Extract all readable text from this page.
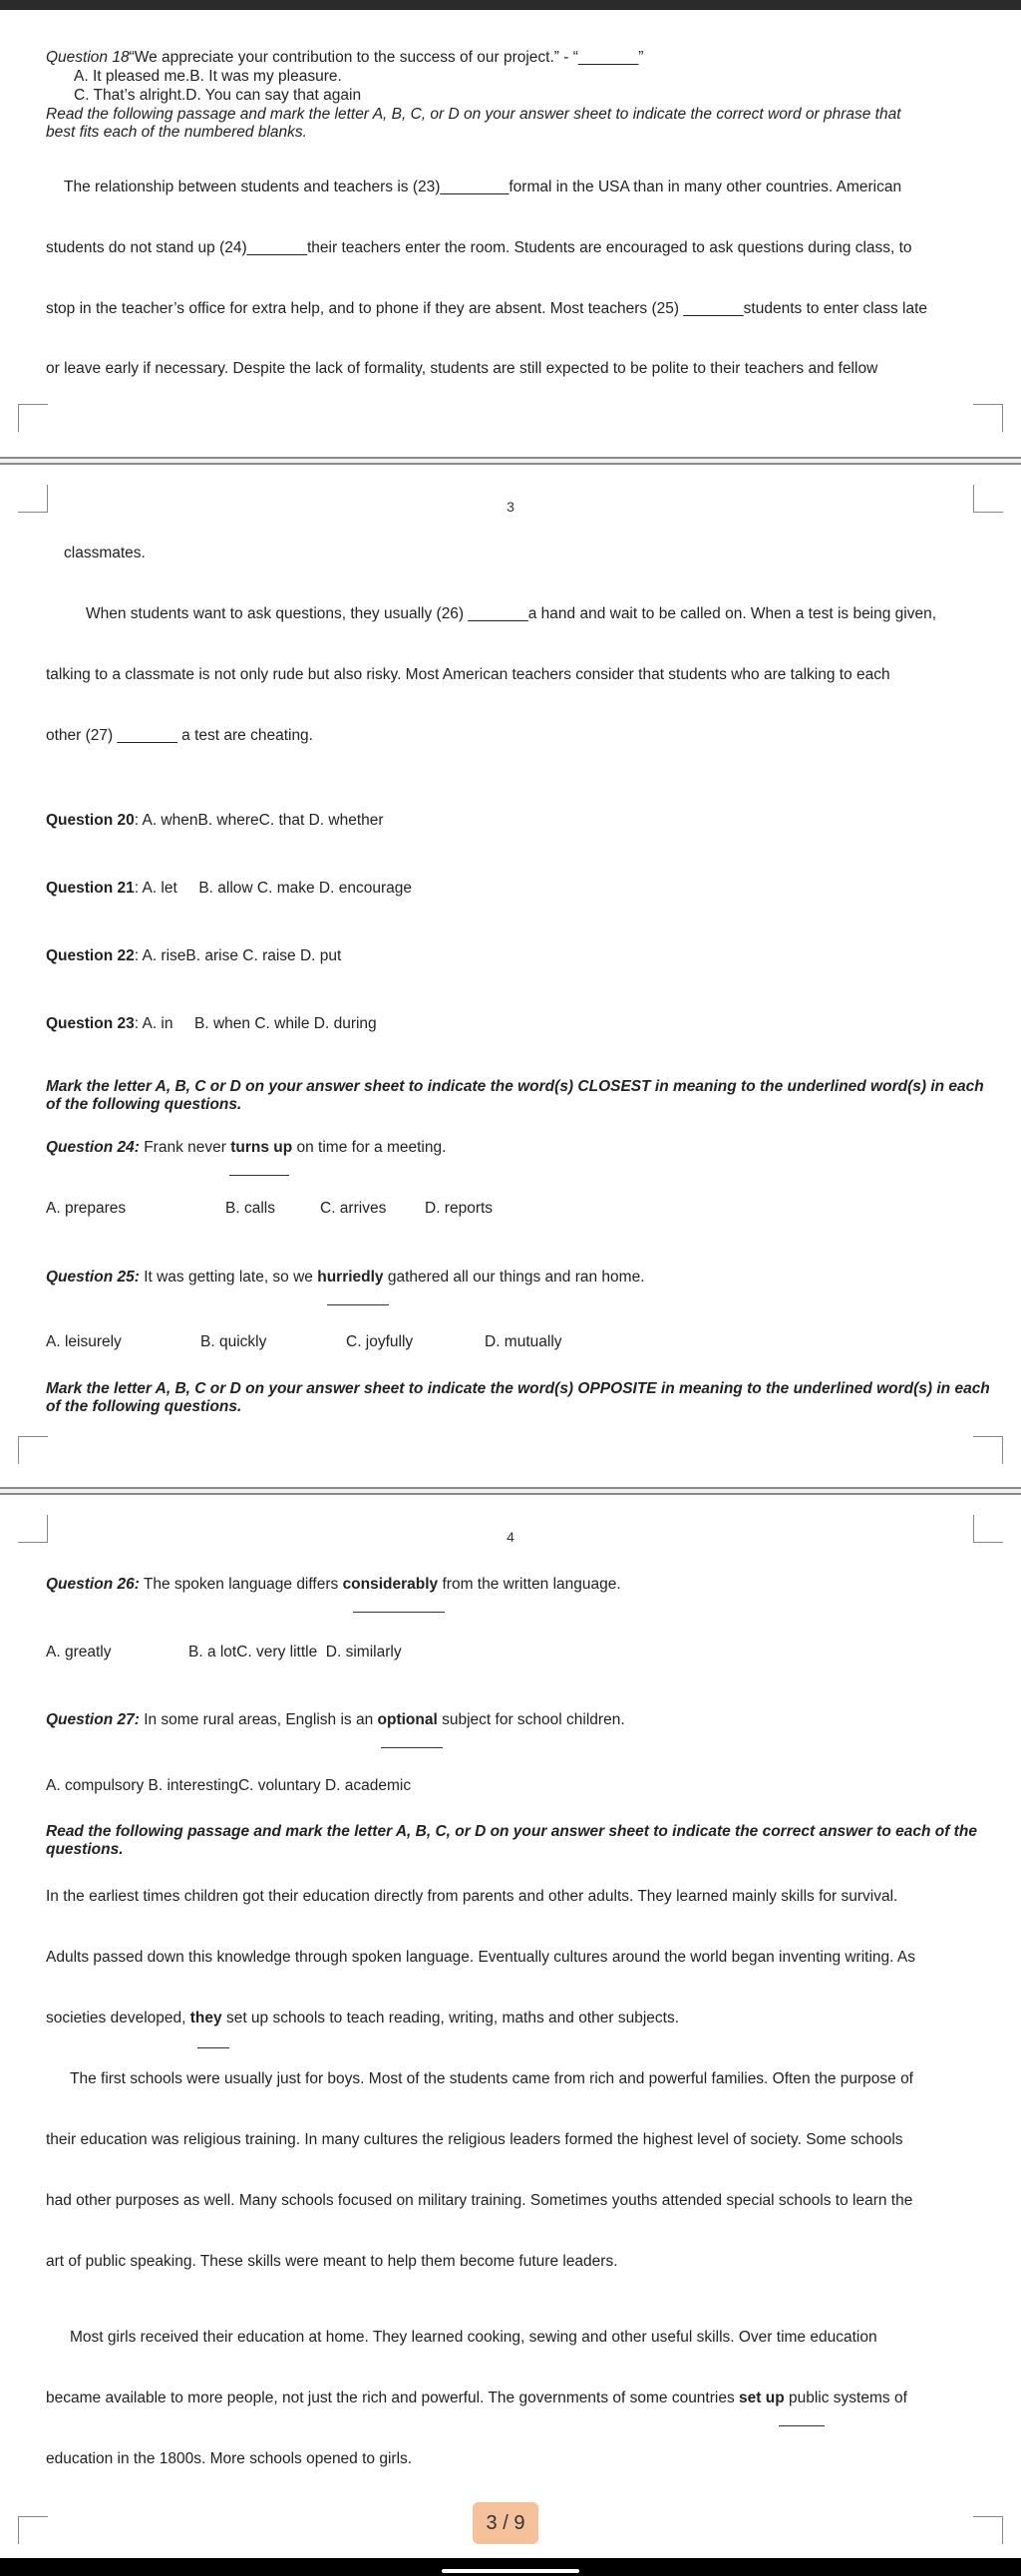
Question 18“We appreciate your contribution to the success of our project.” - “_______”
A. It pleased me.B. It was my pleasure.
C. That’s alright.D. You can say that again
Read the following passage and mark the letter A, B, C, or D on your answer sheet to indicate the correct word or phrase that
best fits each of the numbered blanks.
The relationship between students and teachers is (23)________formal in the USA than in many other countries. American
students do not stand up (24)_______their teachers enter the room. Students are encouraged to ask questions during class, to
stop in the teacher’s office for extra help, and to phone if they are absent. Most teachers (25) _______students to enter class late
or leave early if necessary. Despite the lack of formality, students are still expected to be polite to their teachers and fellow
3
classmates.
When students want to ask questions, they usually (26) _______a hand and wait to be called on. When a test is being given,
talking to a classmate is not only rude but also risky. Most American teachers consider that students who are talking to each
other (27) _______ a test are cheating.
Question 20: A. whenB. whereC. that D. whether
Question 21: A. let     B. allow C. make D. encourage
Question 22: A. riseB. arise C. raise D. put
Question 23: A. in     B. when C. while D. during
Mark the letter A, B, C or D on your answer sheet to indicate the word(s) CLOSEST in meaning to the underlined word(s) in each
of the following questions.
Question 24: Frank never turns up on time for a meeting.
A. prepares	B. calls	C. arrives D. reports
Question 25: It was getting late, so we hurriedly gathered all our things and ran home.
A. leisurely	B. quickly	C. joyfully	D. mutually
Mark the letter A, B, C or D on your answer sheet to indicate the word(s) OPPOSITE in meaning to the underlined word(s) in each
of the following questions.
4
Question 26: The spoken language differs considerably from the written language.
A. greatly                  B. a lotC. very little  D. similarly
Question 27: In some rural areas, English is an optional subject for school children.
A. compulsory B. interestingC. voluntary D. academic
Read the following passage and mark the letter A, B, C, or D on your answer sheet to indicate the correct answer to each of the
questions.
In the earliest times children got their education directly from parents and other adults. They learned mainly skills for survival.
Adults passed down this knowledge through spoken language. Eventually cultures around the world began inventing writing. As
societies developed, they set up schools to teach reading, writing, maths and other subjects.
The first schools were usually just for boys. Most of the students came from rich and powerful families. Often the purpose of
their education was religious training. In many cultures the religious leaders formed the highest level of society. Some schools
had other purposes as well. Many schools focused on military training. Sometimes youths attended special schools to learn the
art of public speaking. These skills were meant to help them become future leaders.
Most girls received their education at home. They learned cooking, sewing and other useful skills. Over time education
became available to more people, not just the rich and powerful. The governments of some countries set up public systems of
education in the 1800s. More schools opened to girls.
3 / 9
